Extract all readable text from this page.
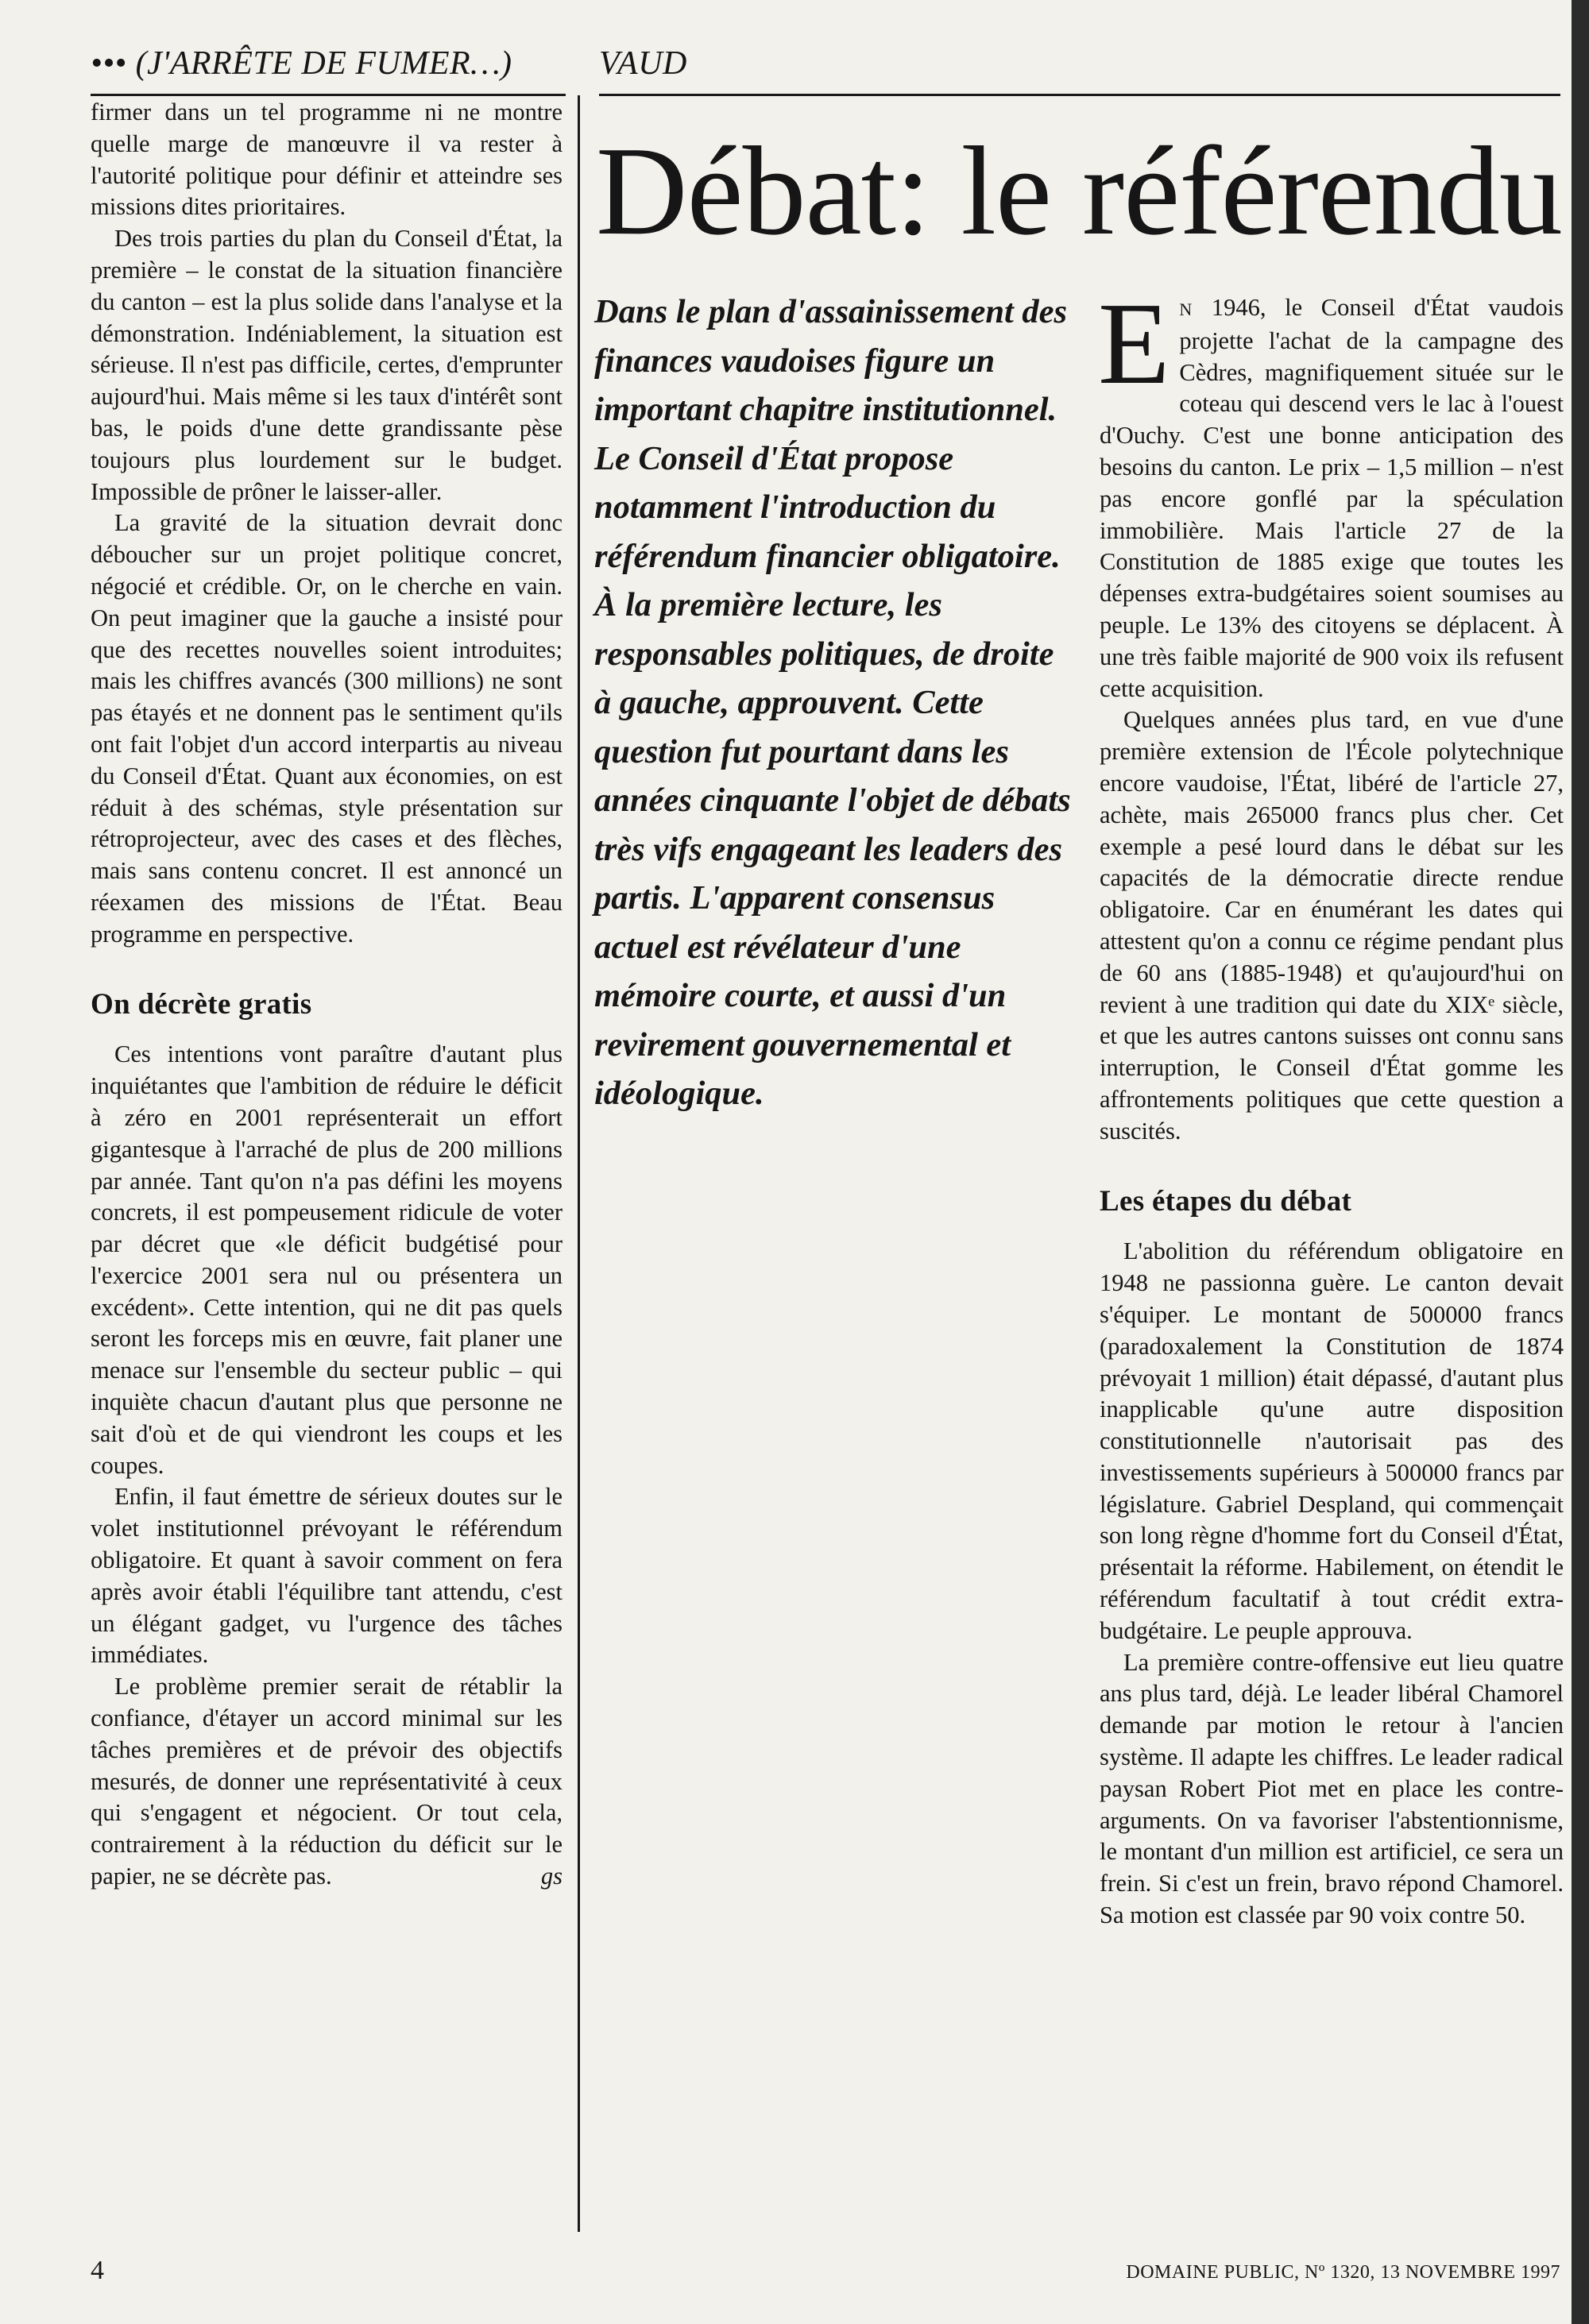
••• (J'ARRÊTE DE FUMER…)	VAUD

firmer dans un tel programme ni ne montre quelle marge de manœuvre il va rester à l'autorité politique pour définir et atteindre ses missions dites prioritaires.

Des trois parties du plan du Conseil d'État, la première – le constat de la situation financière du canton – est la plus solide dans l'analyse et la démonstration. Indéniablement, la situation est sérieuse. Il n'est pas difficile, certes, d'emprunter aujourd'hui. Mais même si les taux d'intérêt sont bas, le poids d'une dette grandissante pèse toujours plus lourdement sur le budget. Impossible de prôner le laisser-aller.

La gravité de la situation devrait donc déboucher sur un projet politique concret, négocié et crédible. Or, on le cherche en vain. On peut imaginer que la gauche a insisté pour que des recettes nouvelles soient introduites; mais les chiffres avancés (300 millions) ne sont pas étayés et ne donnent pas le sentiment qu'ils ont fait l'objet d'un accord interpartis au niveau du Conseil d'État. Quant aux économies, on est réduit à des schémas, style présentation sur rétroprojecteur, avec des cases et des flèches, mais sans contenu concret. Il est annoncé un réexamen des missions de l'État. Beau programme en perspective.

On décrète gratis

Ces intentions vont paraître d'autant plus inquiétantes que l'ambition de réduire le déficit à zéro en 2001 représenterait un effort gigantesque à l'arraché de plus de 200 millions par année. Tant qu'on n'a pas défini les moyens concrets, il est pompeusement ridicule de voter par décret que «le déficit budgétisé pour l'exercice 2001 sera nul ou présentera un excédent». Cette intention, qui ne dit pas quels seront les forceps mis en œuvre, fait planer une menace sur l'ensemble du secteur public – qui inquiète chacun d'autant plus que personne ne sait d'où et de qui viendront les coups et les coupes.

Enfin, il faut émettre de sérieux doutes sur le volet institutionnel prévoyant le référendum obligatoire. Et quant à savoir comment on fera après avoir établi l'équilibre tant attendu, c'est un élégant gadget, vu l'urgence des tâches immédiates.

Le problème premier serait de rétablir la confiance, d'étayer un accord minimal sur les tâches premières et de prévoir des objectifs mesurés, de donner une représentativité à ceux qui s'engagent et négocient. Or tout cela, contrairement à la réduction du déficit sur le papier, ne se décrète pas.	gs

Débat: le référendu
Dans le plan d'assainissement des finances vaudoises figure un important chapitre institutionnel. Le Conseil d'État propose notamment l'introduction du référendum financier obligatoire. À la première lecture, les responsables politiques, de droite à gauche, approuvent. Cette question fut pourtant dans les années cinquante l'objet de débats très vifs engageant les leaders des partis. L'apparent consensus actuel est révélateur d'une mémoire courte, et aussi d'un revirement gouvernemental et idéologique.

E N 1946, le Conseil d'État vaudois projette l'achat de la campagne des Cèdres, magnifiquement située sur le coteau qui descend vers le lac à l'ouest d'Ouchy. C'est une bonne anticipation des besoins du canton. Le prix – 1,5 million – n'est pas encore gonflé par la spéculation immobilière. Mais l'article 27 de la Constitution de 1885 exige que toutes les dépenses extra-budgétaires soient soumises au peuple. Le 13% des citoyens se déplacent. À une très faible majorité de 900 voix ils refusent cette acquisition.

Quelques années plus tard, en vue d'une première extension de l'École polytechnique encore vaudoise, l'État, libéré de l'article 27, achète, mais 265000 francs plus cher. Cet exemple a pesé lourd dans le débat sur les capacités de la démocratie directe rendue obligatoire. Car en énumérant les dates qui attestent qu'on a connu ce régime pendant plus de 60 ans (1885-1948) et qu'aujourd'hui on revient à une tradition qui date du XIXᵉ siècle, et que les autres cantons suisses ont connu sans interruption, le Conseil d'État gomme les affrontements politiques que cette question a suscités.

Les étapes du débat

L'abolition du référendum obligatoire en 1948 ne passionna guère. Le canton devait s'équiper. Le montant de 500000 francs (paradoxalement la Constitution de 1874 prévoyait 1 million) était dépassé, d'autant plus inapplicable qu'une autre disposition constitutionnelle n'autorisait pas des investissements supérieurs à 500000 francs par législature. Gabriel Despland, qui commençait son long règne d'homme fort du Conseil d'État, présentait la réforme. Habilement, on étendit le référendum facultatif à tout crédit extra-budgétaire. Le peuple approuva.

La première contre-offensive eut lieu quatre ans plus tard, déjà. Le leader libéral Chamorel demande par motion le retour à l'ancien système. Il adapte les chiffres. Le leader radical paysan Robert Piot met en place les contre-arguments. On va favoriser l'abstentionnisme, le montant d'un million est artificiel, ce sera un frein. Si c'est un frein, bravo répond Chamorel. Sa motion est classée par 90 voix contre 50.

4	DOMAINE PUBLIC, Nº 1320, 13 NOVEMBRE 1997
